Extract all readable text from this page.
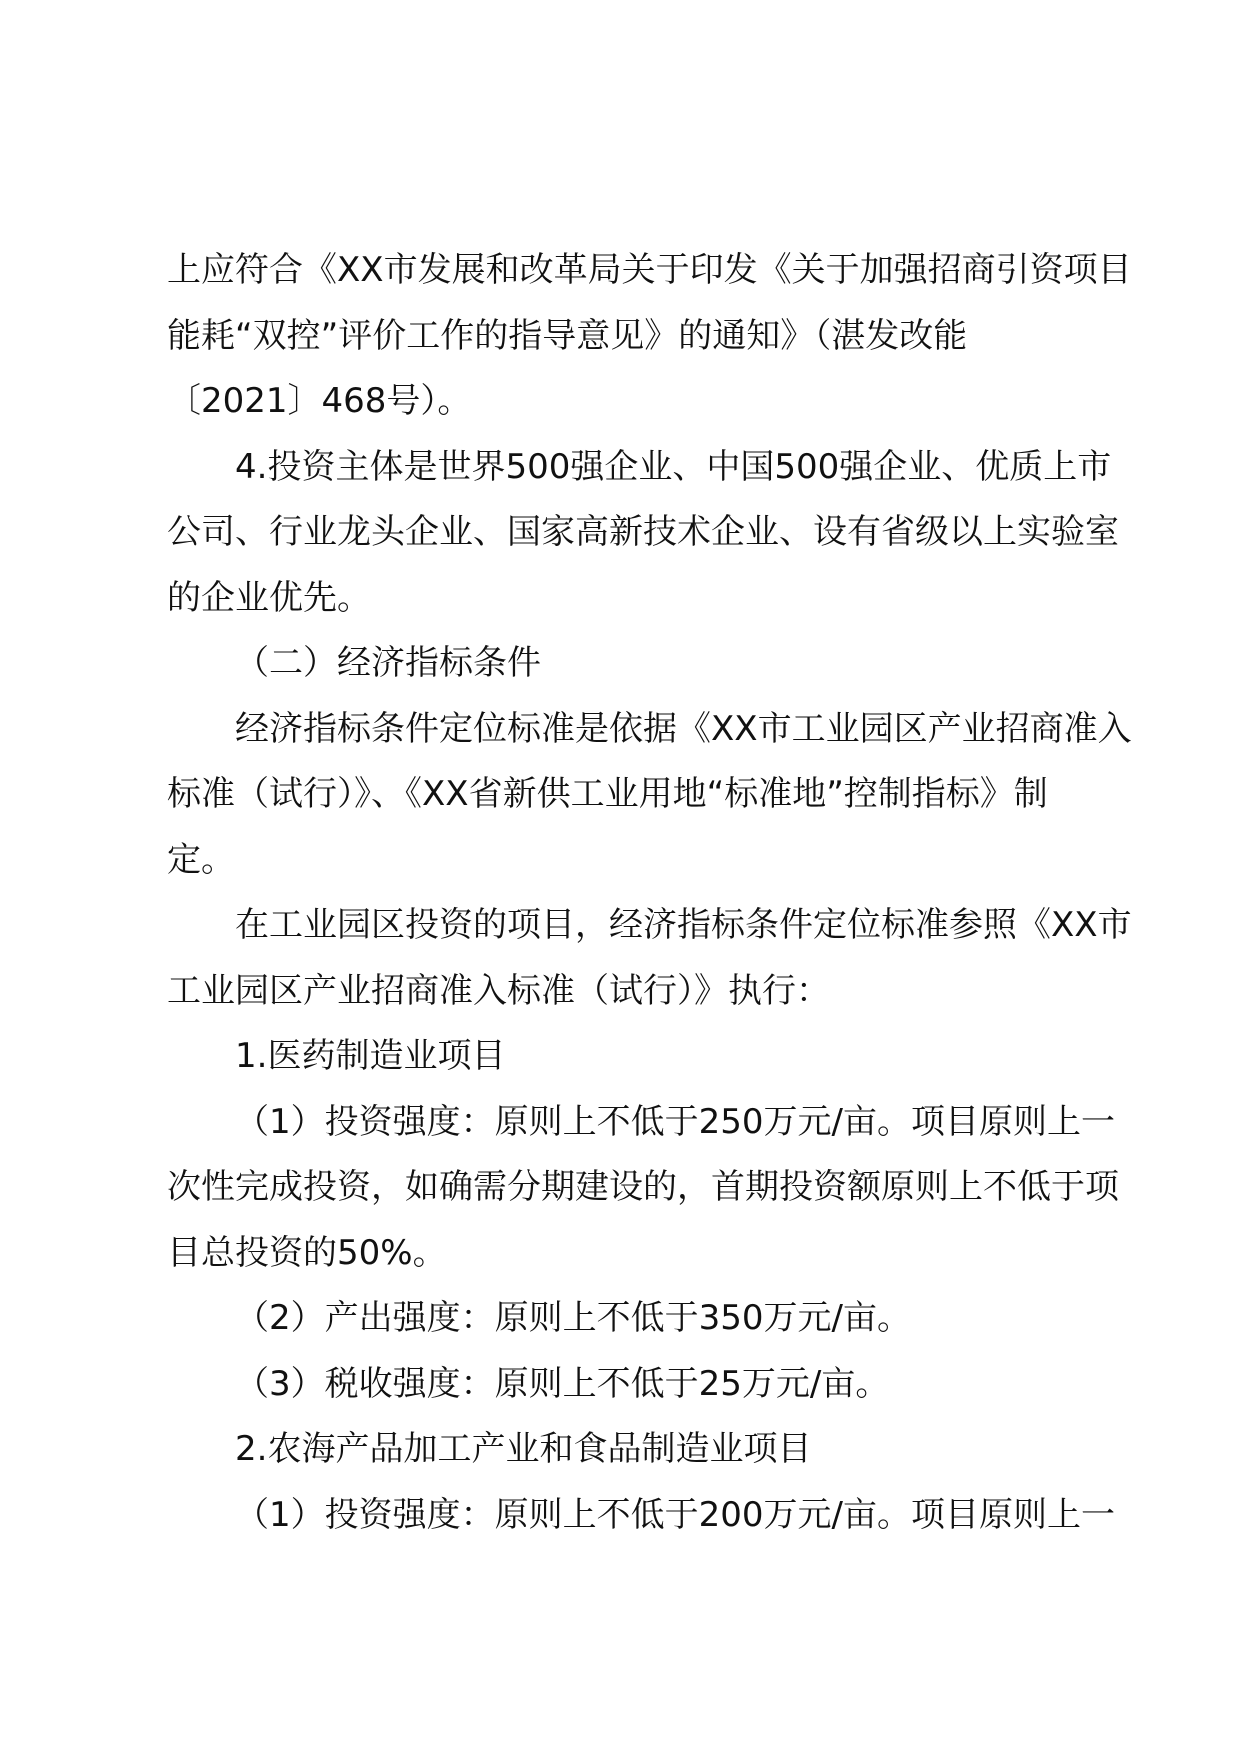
上应符合《XX市发展和改革局关于印发《关于加强招商引资项目
能耗“双控”评价工作的指导意见》的通知》（湛发改能
〔2021〕468号）。
4.投资主体是世界500强企业、中国500强企业、优质上市
公司、行业龙头企业、国家高新技术企业、设有省级以上实验室
的企业优先。
（二）经济指标条件
经济指标条件定位标准是依据《XX市工业园区产业招商准入
标准（试行）》、《XX省新供工业用地“标准地”控制指标》制
定。
在工业园区投资的项目，经济指标条件定位标准参照《XX市
工业园区产业招商准入标准（试行）》执行：
1.医药制造业项目
（1）投资强度：原则上不低于250万元/亩。项目原则上一
次性完成投资，如确需分期建设的，首期投资额原则上不低于项
目总投资的50%。
（2）产出强度：原则上不低于350万元/亩。
（3）税收强度：原则上不低于25万元/亩。
2.农海产品加工产业和食品制造业项目
（1）投资强度：原则上不低于200万元/亩。项目原则上一
